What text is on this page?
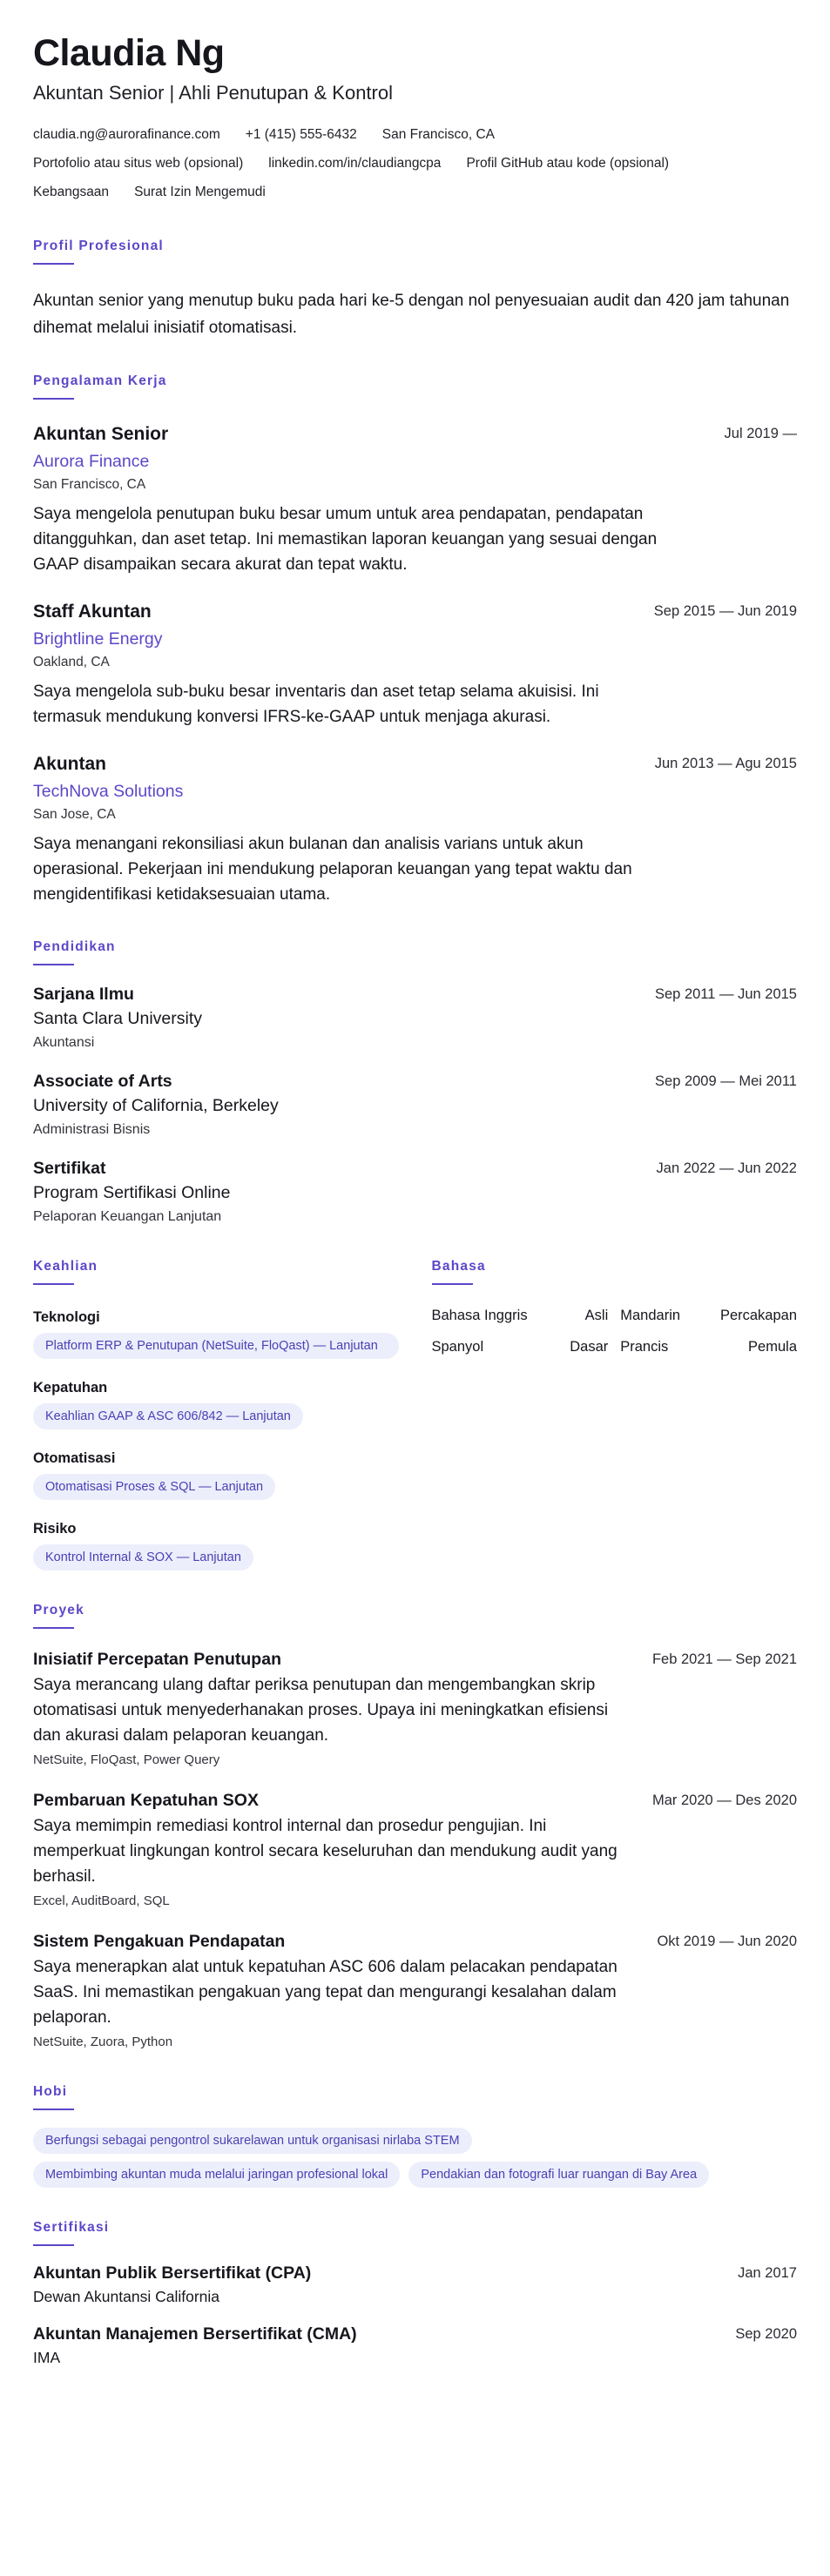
Claudia Ng
Akuntan Senior | Ahli Penutupan & Kontrol
claudia.ng@aurorafinance.com +1 (415) 555-6432 San Francisco, CA
Portofolio atau situs web (opsional) linkedin.com/in/claudiangcpa Profil GitHub atau kode (opsional)
Kebangsaan Surat Izin Mengemudi
Profil Profesional

Akuntan senior yang menutup buku pada hari ke-5 dengan nol penyesuaian audit dan 420 jam tahunan dihemat melalui inisiatif otomatisasi.

Pengalaman Kerja
Akuntan Senior	Jul 2019 —
Aurora Finance
San Francisco, CA

Saya mengelola penutupan buku besar umum untuk area pendapatan, pendapatan ditangguhkan, dan aset tetap. Ini memastikan laporan keuangan yang sesuai dengan GAAP disampaikan secara akurat dan tepat waktu.

Staff Akuntan	Sep 2015 — Jun 2019
Brightline Energy
Oakland, CA

Saya mengelola sub-buku besar inventaris dan aset tetap selama akuisisi. Ini termasuk mendukung konversi IFRS-ke-GAAP untuk menjaga akurasi.

Akuntan	Jun 2013 — Agu 2015
TechNova Solutions
San Jose, CA

Saya menangani rekonsiliasi akun bulanan dan analisis varians untuk akun operasional. Pekerjaan ini mendukung pelaporan keuangan yang tepat waktu dan mengidentifikasi ketidaksesuaian utama.

Pendidikan
Sarjana Ilmu	Sep 2011 — Jun 2015
Santa Clara University
Akuntansi
Associate of Arts	Sep 2009 — Mei 2011
University of California, Berkeley
Administrasi Bisnis
Sertifikat	Jan 2022 — Jun 2022
Program Sertifikasi Online
Pelaporan Keuangan Lanjutan
Keahlian
Teknologi
Platform ERP & Penutupan (NetSuite, FloQast) — Lanjutan
Kepatuhan
Keahlian GAAP & ASC 606/842 — Lanjutan
Otomatisasi
Otomatisasi Proses & SQL — Lanjutan
Risiko
Kontrol Internal & SOX — Lanjutan
Bahasa
Bahasa Inggris	Asli Mandarin	Percakapan
Spanyol	Dasar Prancis	Pemula
Proyek
Inisiatif Percepatan Penutupan	Feb 2021 — Sep 2021

Saya merancang ulang daftar periksa penutupan dan mengembangkan skrip otomatisasi untuk menyederhanakan proses. Upaya ini meningkatkan efisiensi dan akurasi dalam pelaporan keuangan.

NetSuite, FloQast, Power Query
Pembaruan Kepatuhan SOX	Mar 2020 — Des 2020

Saya memimpin remediasi kontrol internal dan prosedur pengujian. Ini memperkuat lingkungan kontrol secara keseluruhan dan mendukung audit yang berhasil.

Excel, AuditBoard, SQL
Sistem Pengakuan Pendapatan	Okt 2019 — Jun 2020

Saya menerapkan alat untuk kepatuhan ASC 606 dalam pelacakan pendapatan SaaS. Ini memastikan pengakuan yang tepat dan mengurangi kesalahan dalam pelaporan.

NetSuite, Zuora, Python
Hobi
Berfungsi sebagai pengontrol sukarelawan untuk organisasi nirlaba STEM
Membimbing akuntan muda melalui jaringan profesional lokal	Pendakian dan fotografi luar ruangan di Bay Area
Sertifikasi
Akuntan Publik Bersertifikat (CPA)	Jan 2017
Dewan Akuntansi California
Akuntan Manajemen Bersertifikat (CMA)	Sep 2020
IMA
